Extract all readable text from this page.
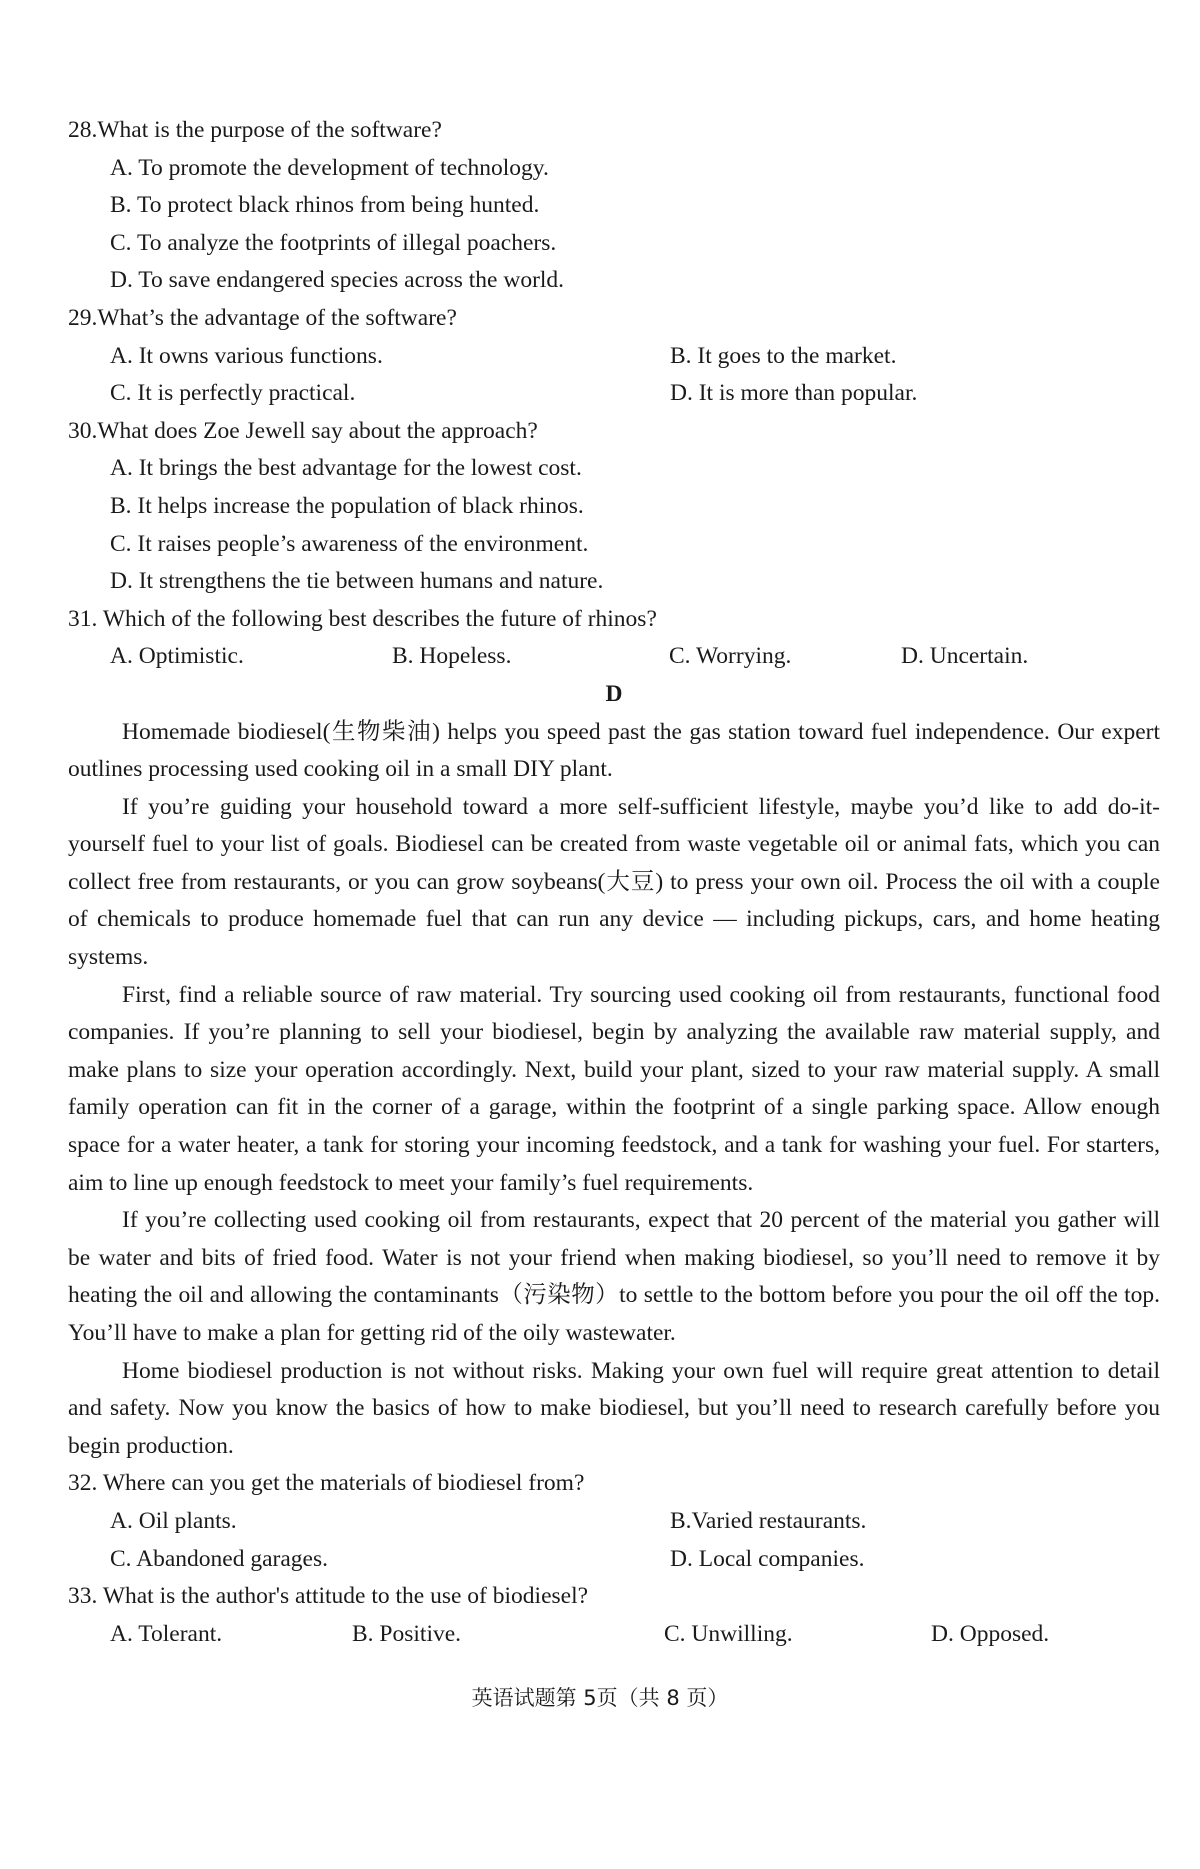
28.What is the purpose of the software?
A. To promote the development of technology.
B. To protect black rhinos from being hunted.
C. To analyze the footprints of illegal poachers.
D. To save endangered species across the world.
29.What’s the advantage of the software?
A. It owns various functions.	B. It goes to the market.
C. It is perfectly practical.	D. It is more than popular.
30.What does Zoe Jewell say about the approach?
A. It brings the best advantage for the lowest cost.
B. It helps increase the population of black rhinos.
C. It raises people’s awareness of the environment.
D. It strengthens the tie between humans and nature.
31. Which of the following best describes the future of rhinos?
A. Optimistic.	B. Hopeless.	C. Worrying.	D. Uncertain.
D
Homemade biodiesel(生物柴油) helps you speed past the gas station toward fuel independence. Our expert outlines processing used cooking oil in a small DIY plant.
If you’re guiding your household toward a more self-sufficient lifestyle, maybe you’d like to add do-it-yourself fuel to your list of goals. Biodiesel can be created from waste vegetable oil or animal fats, which you can collect free from restaurants, or you can grow soybeans(大豆) to press your own oil. Process the oil with a couple of chemicals to produce homemade fuel that can run any device — including pickups, cars, and home heating systems.
First, find a reliable source of raw material. Try sourcing used cooking oil from restaurants, functional food companies. If you’re planning to sell your biodiesel, begin by analyzing the available raw material supply, and make plans to size your operation accordingly. Next, build your plant, sized to your raw material supply. A small family operation can fit in the corner of a garage, within the footprint of a single parking space. Allow enough space for a water heater, a tank for storing your incoming feedstock, and a tank for washing your fuel. For starters, aim to line up enough feedstock to meet your family’s fuel requirements.
If you’re collecting used cooking oil from restaurants, expect that 20 percent of the material you gather will be water and bits of fried food. Water is not your friend when making biodiesel, so you’ll need to remove it by heating the oil and allowing the contaminants（污染物）to settle to the bottom before you pour the oil off the top. You’ll have to make a plan for getting rid of the oily wastewater.
Home biodiesel production is not without risks. Making your own fuel will require great attention to detail and safety. Now you know the basics of how to make biodiesel, but you’ll need to research carefully before you begin production.
32. Where can you get the materials of biodiesel from?
A. Oil plants.	B.Varied restaurants.
C. Abandoned garages.	D. Local companies.
33. What is the author's attitude to the use of biodiesel?
A. Tolerant.	B. Positive.	C. Unwilling.	D. Opposed.
英语试题第 5页（共 8 页）
